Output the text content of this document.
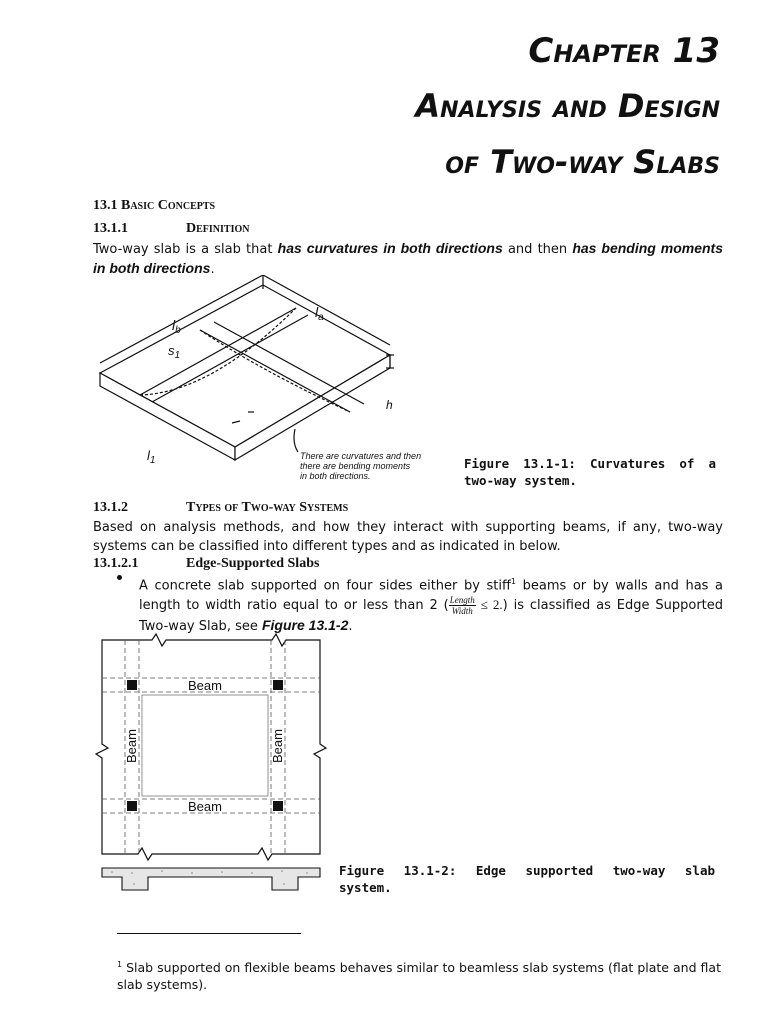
Chapter 13
Analysis and Design
of Two-way Slabs
13.1 Basic Concepts
13.1.1	Definition
Two-way slab is a slab that has curvatures in both directions and then has bending moments in both directions.
$l_b$
$l_a$
$s_1$
$l_1$
h
There are curvatures and then
there are bending moments
in both directions.
Figure 13.1-1: Curvatures of a
two-way system.
13.1.2	Types of Two-way Systems
Based on analysis methods, and how they interact with supporting beams, if any, two-way systems can be classified into different types and as indicated in below.
13.1.2.1	Edge-Supported Slabs
A concrete slab supported on four sides either by stiff$^1$ beams or by walls and has a length to width ratio equal to or less than 2 ( $\frac{\text{Length}}{\text{Width}} \le 2$.) is classified as Edge Supported Two-way Slab, see Figure 13.1-2.
Beam
Beam
Beam	Beam
Figure 13.1-2: Edge supported two-way slab
system.
$^1$ Slab supported on flexible beams behaves similar to beamless slab systems (flat plate and flat slab systems).
